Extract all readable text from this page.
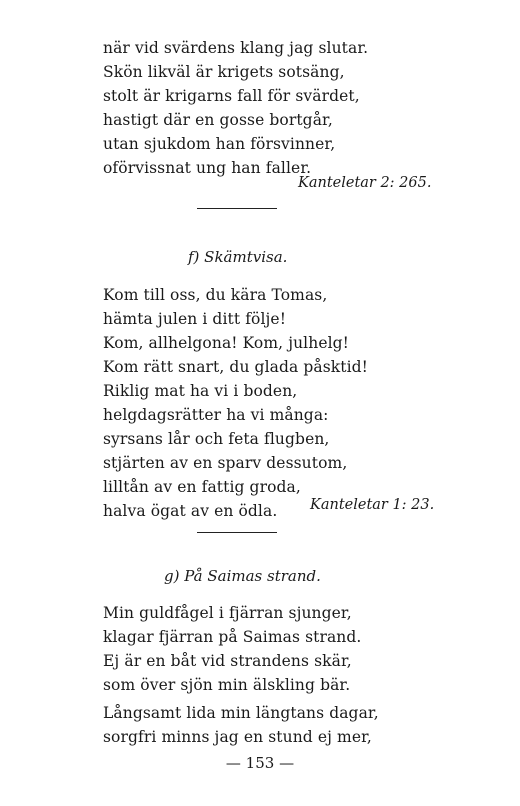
när vid svärdens klang jag slutar.
Skön likväl är krigets sotsäng,
stolt är krigarns fall för svärdet,
hastigt där en gosse bortgår,
utan sjukdom han försvinner,
oförvissnat ung han faller.
Kanteletar 2: 265.
f) Skämtvisa.
Kom till oss, du kära Tomas,
hämta julen i ditt följe!
Kom, allhelgona! Kom, julhelg!
Kom rätt snart, du glada påsktid!
Riklig mat ha vi i boden,
helgdagsrätter ha vi många:
syrsans lår och feta flugben,
stjärten av en sparv dessutom,
lilltån av en fattig groda,
halva ögat av en ödla. Kanteletar 1: 23.
g) På Saimas strand.
Min guldfågel i fjärran sjunger,
klagar fjärran på Saimas strand.
Ej är en båt vid strandens skär,
som över sjön min älskling bär.
Långsamt lida min längtans dagar,
sorgfri minns jag en stund ej mer,
— 153 —
